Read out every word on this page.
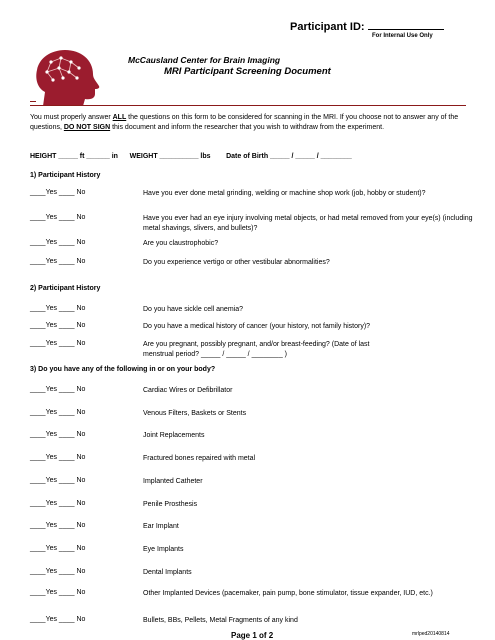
Participant ID:
For Internal Use Only
McCausland Center for Brain Imaging
MRI Participant Screening Document
You must properly answer ALL the questions on this form to be considered for scanning in the MRI. If you choose not to answer any of the questions, DO NOT SIGN this document and inform the researcher that you wish to withdraw from the experiment.
HEIGHT _____ ft ______ in      WEIGHT __________ lbs        Date of Birth _____ / _____ / ________
1) Participant History
____Yes ____ No	Have you ever done metal grinding, welding or machine shop work (job, hobby or student)?
____Yes ____ No	Have you ever had an eye injury involving metal objects, or had metal removed from your eye(s) (including metal shavings, slivers, and bullets)?
____Yes ____ No	Are you claustrophobic?
____Yes ____ No	Do you experience vertigo or other vestibular abnormalities?
2) Participant History
____Yes ____ No	Do you have sickle cell anemia?
____Yes ____ No	Do you have a medical history of cancer (your history, not family history)?
____Yes ____ No	Are you pregnant, possibly pregnant, and/or breast-feeding? (Date of last menstrual period? _____ / _____ / ________ )
3) Do you have any of the following in or on your body?
____Yes ____ No	Cardiac Wires or Defibrillator
____Yes ____ No	Venous Filters, Baskets or Stents
____Yes ____ No	Joint Replacements
____Yes ____ No	Fractured bones repaired with metal
____Yes ____ No	Implanted Catheter
____Yes ____ No	Penile Prosthesis
____Yes ____ No	Ear Implant
____Yes ____ No	Eye Implants
____Yes ____ No	Dental Implants
____Yes ____ No	Other Implanted Devices (pacemaker, pain pump, bone stimulator, tissue expander, IUD, etc.)
____Yes ____ No	Bullets, BBs, Pellets, Metal Fragments of any kind
Page 1 of 2	mrlped20140814
